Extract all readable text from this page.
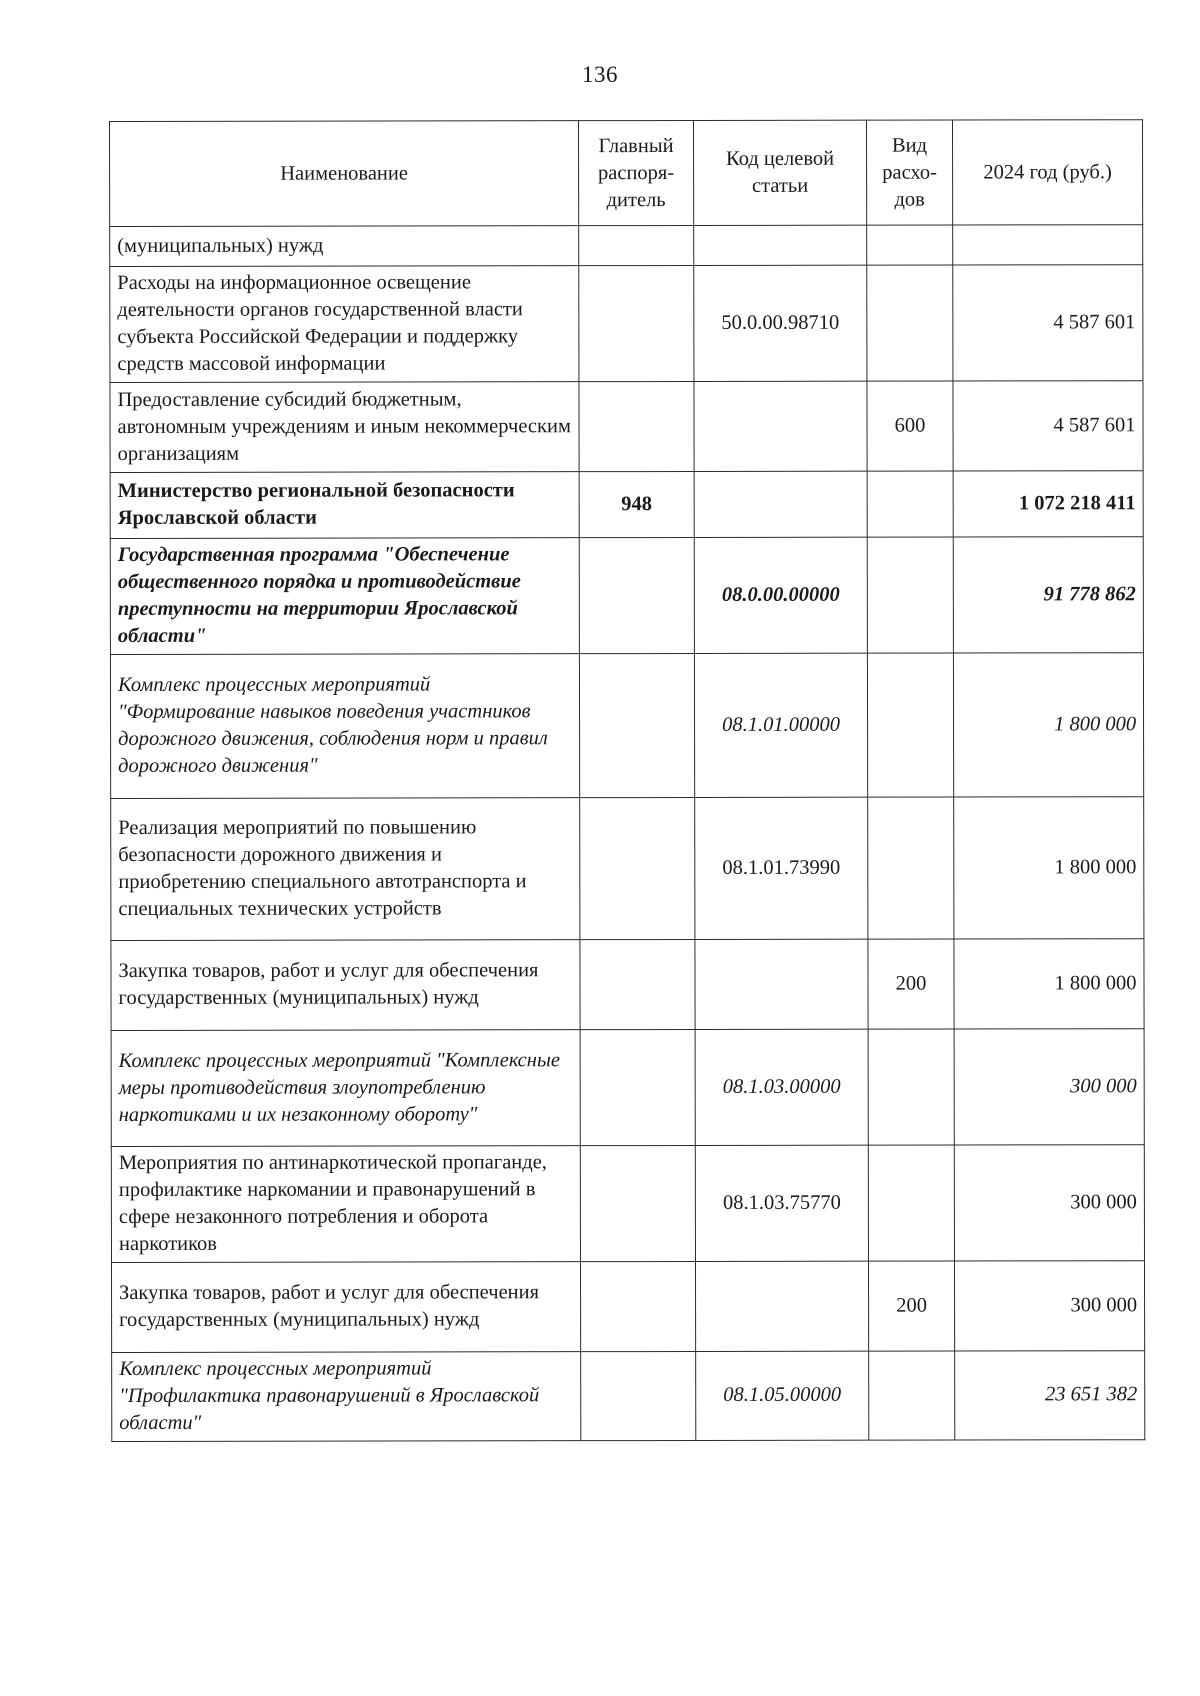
136
Наименование	Главный распоря-дитель	Код целевой статьи	Вид расхо-дов	2024 год (руб.)
(муниципальных) нужд				
Расходы на информационное освещение деятельности органов государственной власти субъекта Российской Федерации и поддержку средств массовой информации		50.0.00.98710		4 587 601
Предоставление субсидий бюджетным, автономным учреждениям и иным некоммерческим организациям			600	4 587 601
Министерство региональной безопасности Ярославской области	948			1 072 218 411
Государственная программа "Обеспечение общественного порядка и противодействие преступности на территории Ярославской области"		08.0.00.00000		91 778 862
Комплекс процессных мероприятий "Формирование навыков поведения участников дорожного движения, соблюдения норм и правил дорожного движения"		08.1.01.00000		1 800 000
Реализация мероприятий по повышению безопасности дорожного движения и приобретению специального автотранспорта и специальных технических устройств		08.1.01.73990		1 800 000
Закупка товаров, работ и услуг для обеспечения государственных (муниципальных) нужд			200	1 800 000
Комплекс процессных мероприятий "Комплексные меры противодействия злоупотреблению наркотиками и их незаконному обороту"		08.1.03.00000		300 000
Мероприятия по антинаркотической пропаганде, профилактике наркомании и правонарушений в сфере незаконного потребления и оборота наркотиков		08.1.03.75770		300 000
Закупка товаров, работ и услуг для обеспечения государственных (муниципальных) нужд			200	300 000
Комплекс процессных мероприятий "Профилактика правонарушений в Ярославской области"		08.1.05.00000		23 651 382
